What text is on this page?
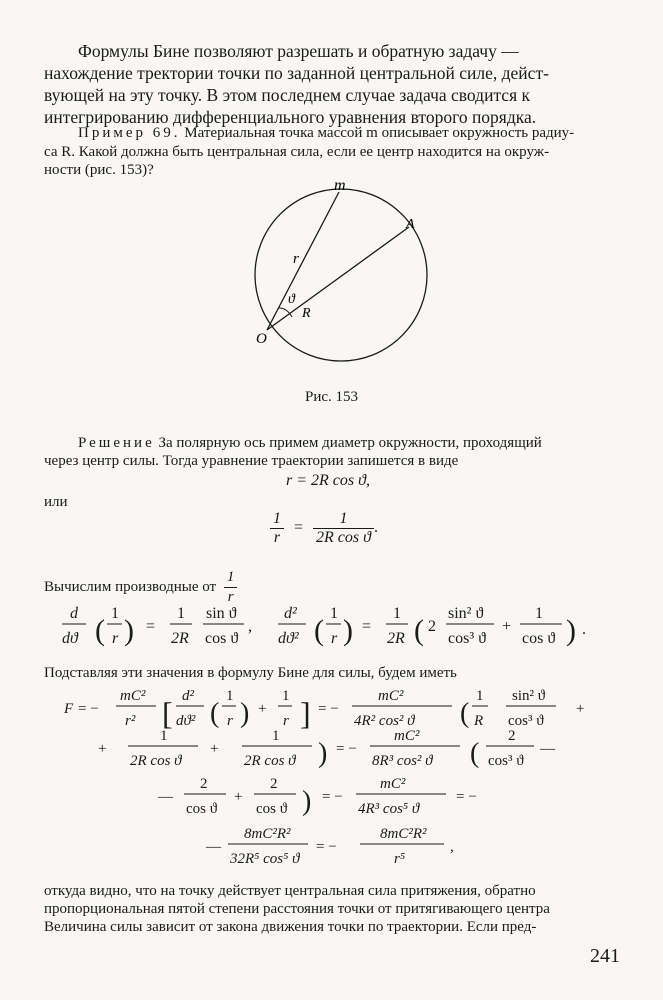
Формулы Бине позволяют разрешать и обратную задачу —
нахождение тректории точки по заданной центральной силе, дейст-
вующей на эту точку. В этом последнем случае задача сводится к
интегрированию дифференциального уравнения второго порядка.
Пример 69. Материальная точка массой m описывает окружность радиу-
са R. Какой должна быть центральная сила, если ее центр находится на окруж-
ности (рис. 153)?
m
A
r
ϑ
R
O
Рис. 153
Решение За полярную ось примем диаметр окружности, проходящий
через центр силы. Тогда уравнение траектории запишется в виде
r = 2R cos ϑ,
или
$\frac{1}{r} = \frac{1}{\text{2R cos ϑ}}$ .
Вычислим производные от $\frac{1}{r}$
d
dϑ (
1
r ) =
1
2R
sin ϑ
cos ϑ
,
d²
dϑ² (
1
r ) =
1
2R ( 2
sin² ϑ
cos³ ϑ
+
1
cos ϑ ) .
Подставляя эти значения в формулу Бине для силы, будем иметь
F = −
mC²
r² [ d²
dϑ² (
1
r ) +
1
r ] = −
mC²
4R² cos² ϑ (
1
R
sin² ϑ
cos³ ϑ
+
+
1
2R cos ϑ
+
1
2R cos ϑ ) = −
mC²
8R³ cos² ϑ (
2
cos³ ϑ
—
—
2
cos ϑ
+
2
cos ϑ ) = −
mC²
4R³ cos⁵ ϑ
= −
—
8mC²R²
32R⁵ cos⁵ ϑ
= −
8mC²R²
r⁵
,
откуда видно, что на точку действует центральная сила притяжения, обратно
пропорциональная пятой степени расстояния точки от притягивающего центра
Величина силы зависит от закона движения точки по траектории. Если пред-
241
